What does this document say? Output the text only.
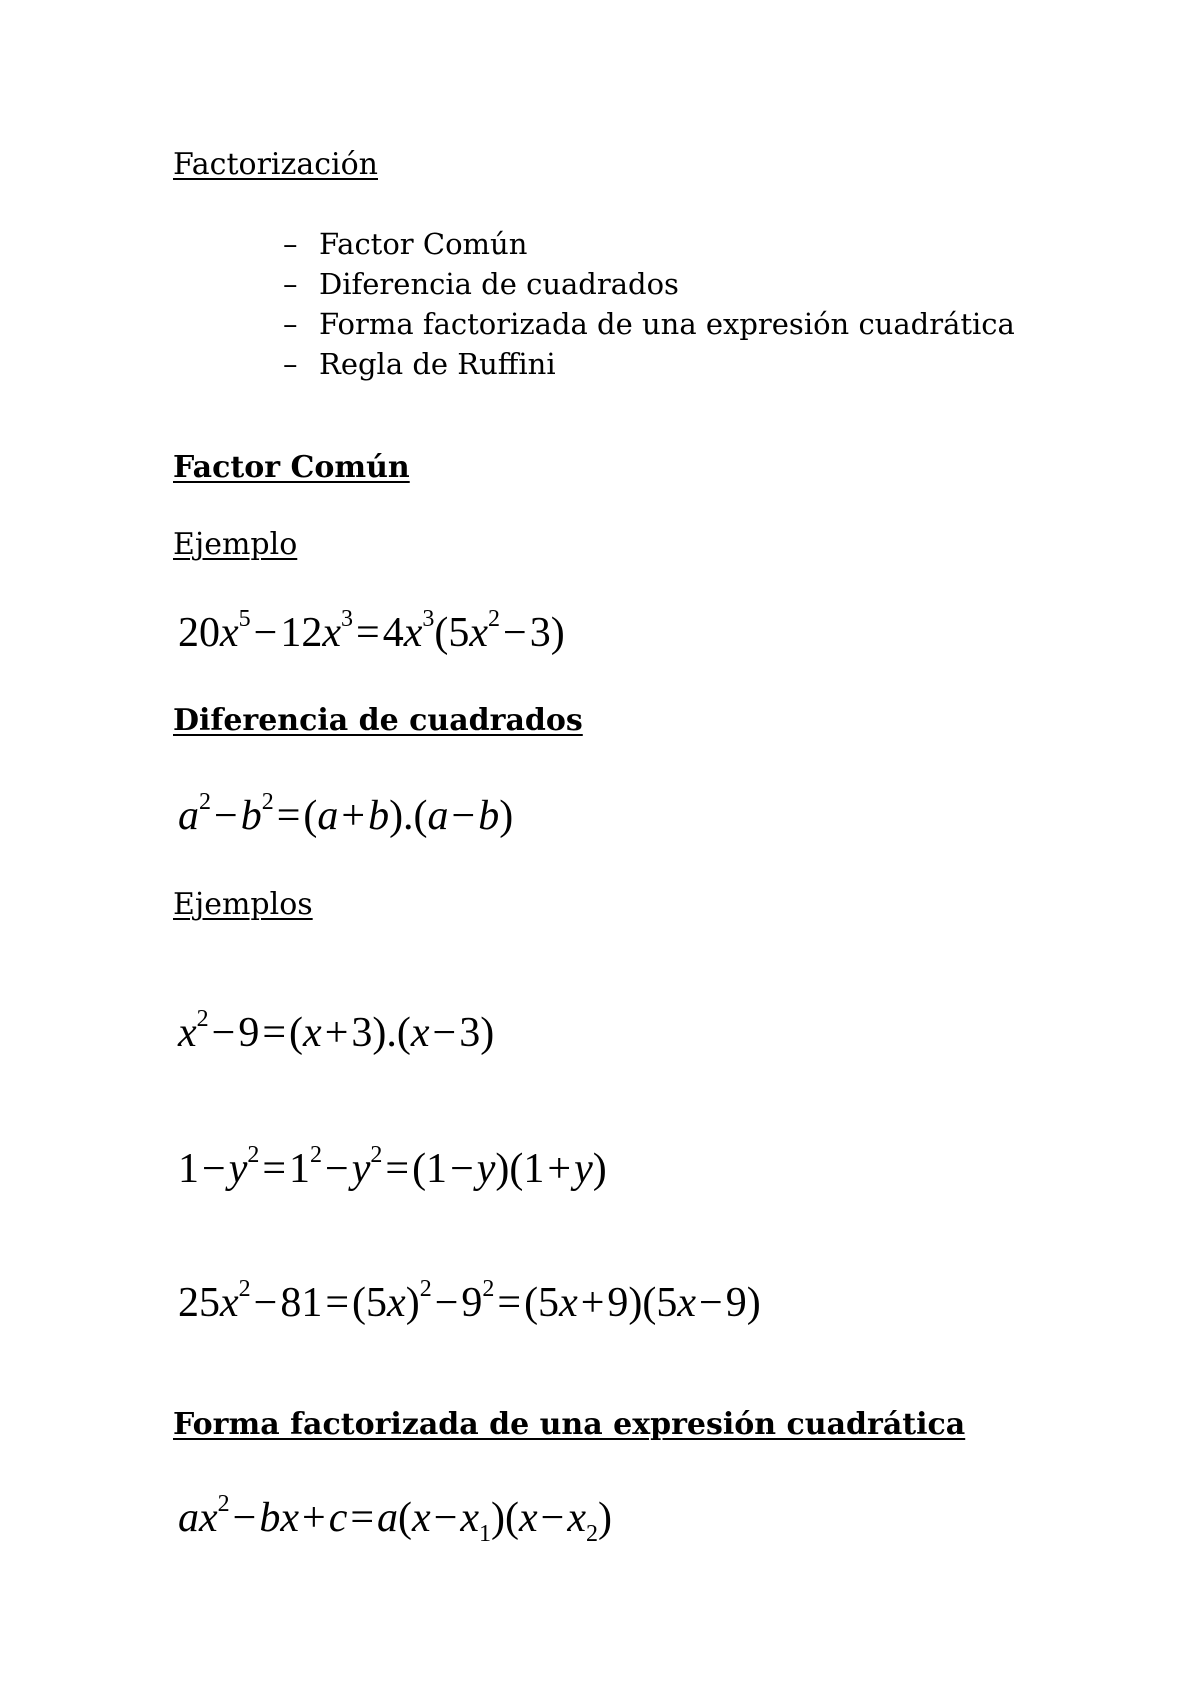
Factorización
– Factor Común
– Diferencia de cuadrados
– Forma factorizada de una expresión cuadrática
– Regla de Ruffini
Factor Común
Ejemplo
$20x^5-12x^3=4x^3(5x^2-3)$
Diferencia de cuadrados
$a^2-b^2=(a+b).(a-b)$
Ejemplos
$x^2-9=(x+3).(x-3)$
$1-y^2=1^2-y^2=(1-y)(1+y)$
$25x^2-81=(5x)^2-9^2=(5x+9)(5x-9)$
Forma factorizada de una expresión cuadrática
$ax^2-bx+c=a(x-x_1)(x-x_2)$
